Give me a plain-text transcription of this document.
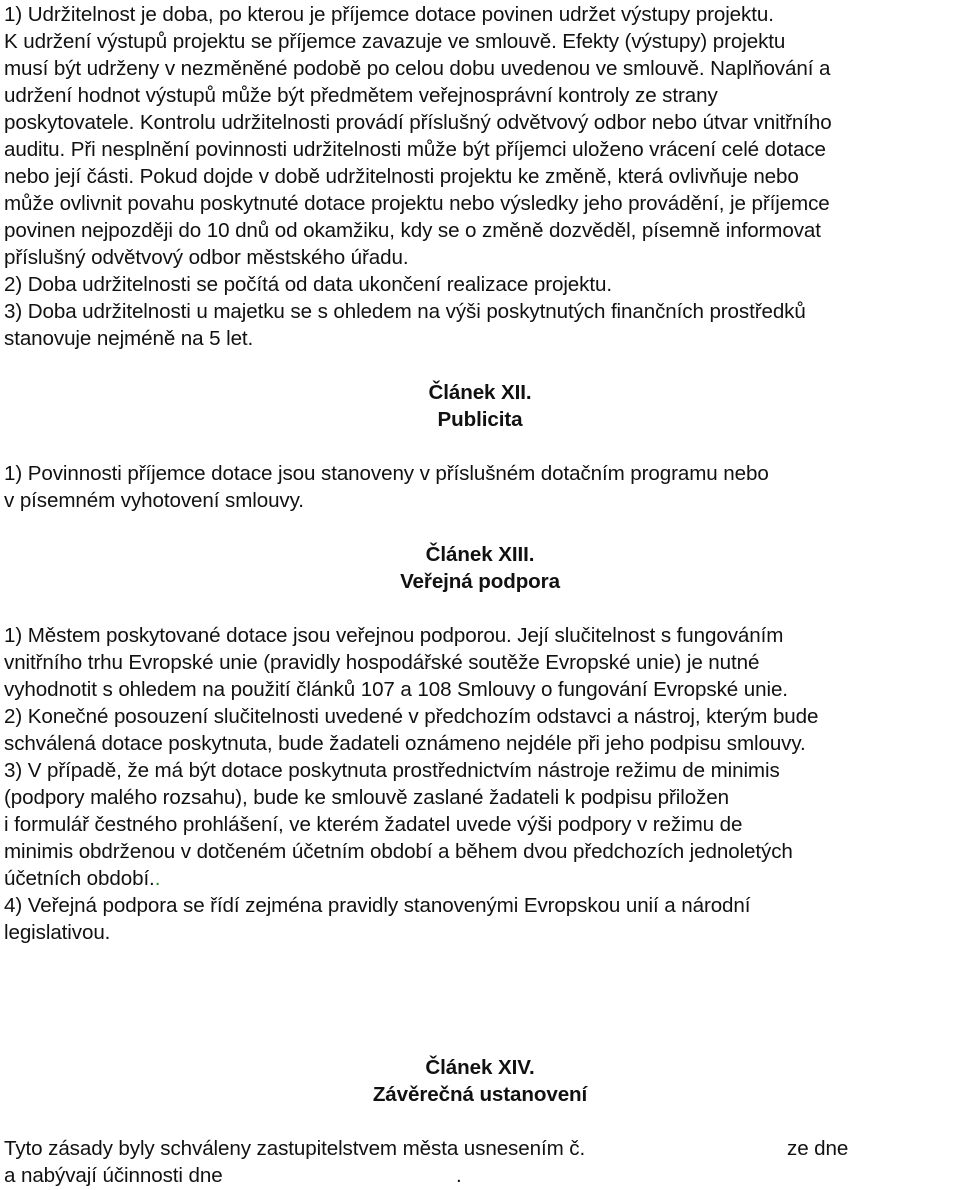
1) Udržitelnost je doba, po kterou je příjemce dotace povinen udržet výstupy projektu.
K udržení výstupů projektu se příjemce zavazuje ve smlouvě. Efekty (výstupy) projektu
musí být udrženy v nezměněné podobě po celou dobu uvedenou ve smlouvě. Naplňování a
udržení hodnot výstupů může být předmětem veřejnosprávní kontroly ze strany
poskytovatele. Kontrolu udržitelnosti provádí příslušný odvětvový odbor nebo útvar vnitřního
auditu. Při nesplnění povinnosti udržitelnosti může být příjemci uloženo vrácení celé dotace
nebo její části. Pokud dojde v době udržitelnosti projektu ke změně, která ovlivňuje nebo
může ovlivnit povahu poskytnuté dotace projektu nebo výsledky jeho provádění, je příjemce
povinen nejpozději do 10 dnů od okamžiku, kdy se o změně dozvěděl, písemně informovat
příslušný odvětvový odbor městského úřadu.
2) Doba udržitelnosti se počítá od data ukončení realizace projektu.
3) Doba udržitelnosti u majetku se s ohledem na výši poskytnutých finančních prostředků
stanovuje nejméně na 5 let.
Článek XII.
Publicita
1) Povinnosti příjemce dotace jsou stanoveny v příslušném dotačním programu nebo
v písemném vyhotovení smlouvy.
Článek XIII.
Veřejná podpora
1) Městem poskytované dotace jsou veřejnou podporou. Její slučitelnost s fungováním
vnitřního trhu Evropské unie (pravidly hospodářské soutěže Evropské unie) je nutné
vyhodnotit s ohledem na použití článků 107 a 108 Smlouvy o fungování Evropské unie.
2) Konečné posouzení slučitelnosti uvedené v předchozím odstavci a nástroj, kterým bude
schválená dotace poskytnuta, bude žadateli oznámeno nejdéle při jeho podpisu smlouvy.
3) V případě, že má být dotace poskytnuta prostřednictvím nástroje režimu de minimis
(podpory malého rozsahu), bude ke smlouvě zaslané žadateli k podpisu přiložen
i formulář čestného prohlášení, ve kterém žadatel uvede výši podpory v režimu de
minimis obdrženou v dotčeném účetním období a během dvou předchozích jednoletých
účetních období..
4) Veřejná podpora se řídí zejména pravidly stanovenými Evropskou unií a národní
legislativou.
Článek XIV.
Závěrečná ustanovení
Tyto zásady byly schváleny zastupitelstvem města usnesením č.	ze dne
a nabývají účinnosti dne	.
